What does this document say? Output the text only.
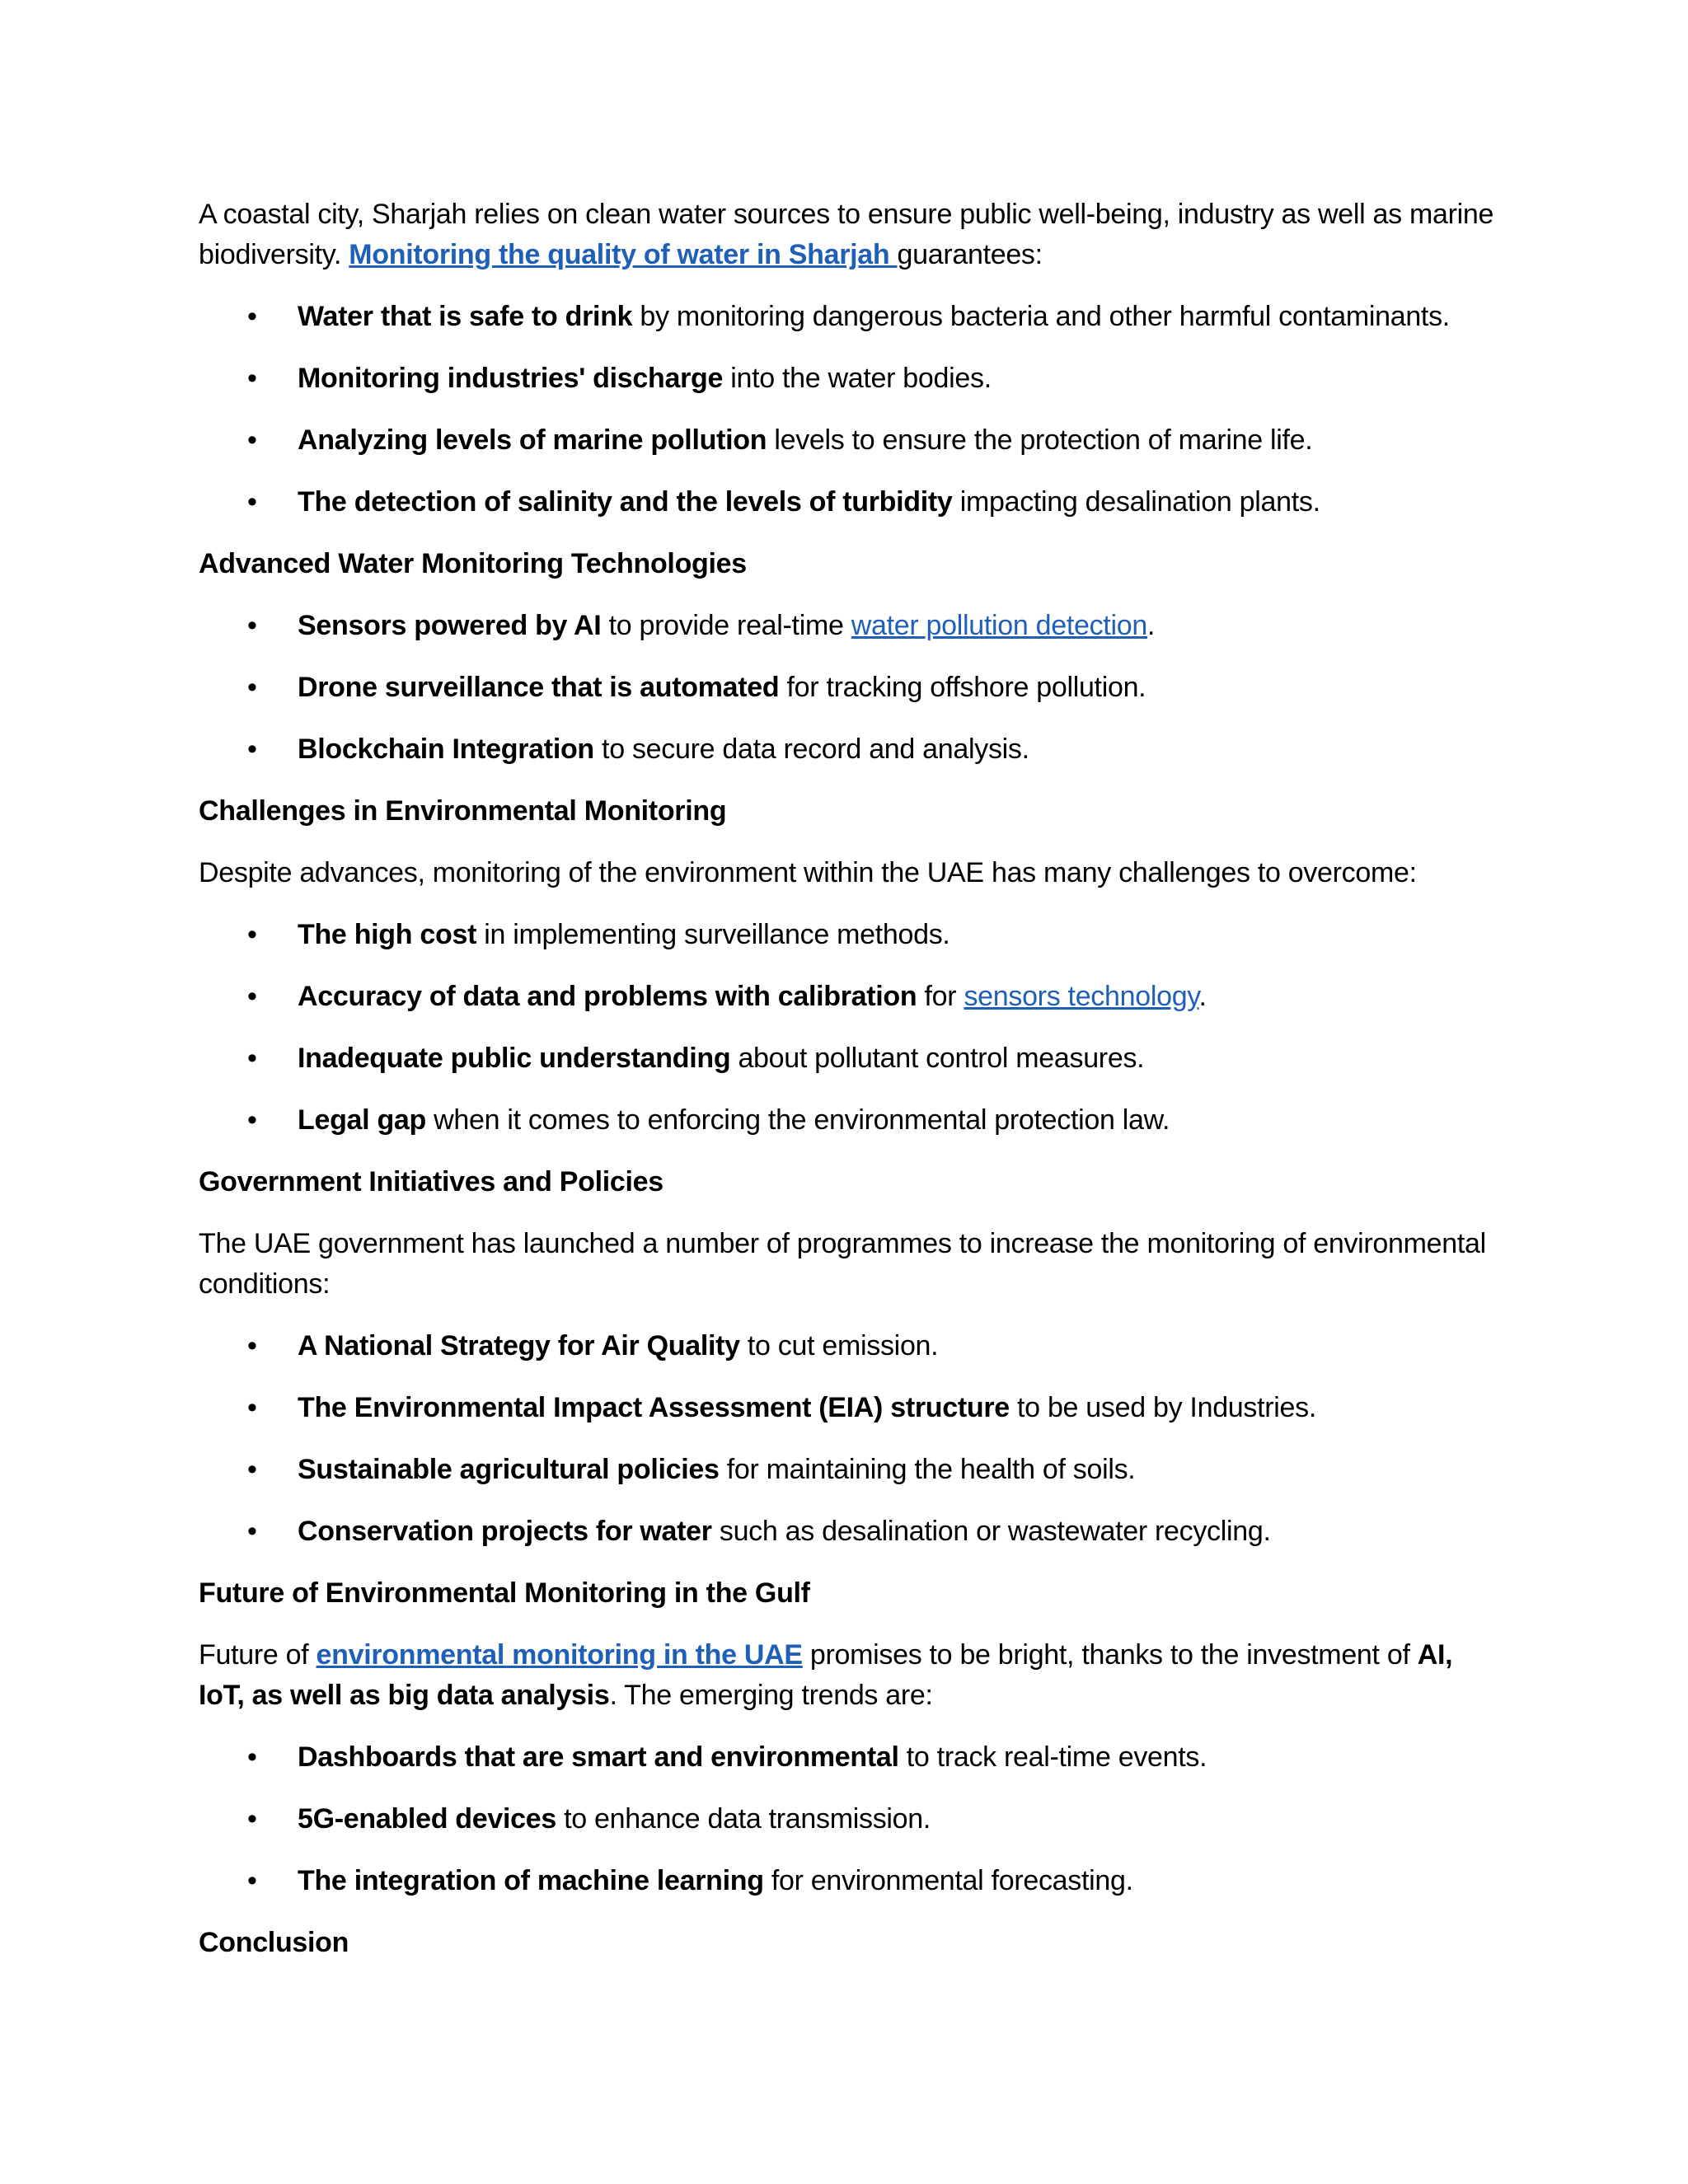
A coastal city, Sharjah relies on clean water sources to ensure public well-being, industry as well as marine biodiversity. Monitoring the quality of water in Sharjah guarantees:

• Water that is safe to drink by monitoring dangerous bacteria and other harmful contaminants.
• Monitoring industries' discharge into the water bodies.
• Analyzing levels of marine pollution levels to ensure the protection of marine life.
• The detection of salinity and the levels of turbidity impacting desalination plants.
Advanced Water Monitoring Technologies
• Sensors powered by AI to provide real-time water pollution detection.
• Drone surveillance that is automated for tracking offshore pollution.
• Blockchain Integration to secure data record and analysis.
Challenges in Environmental Monitoring

Despite advances, monitoring of the environment within the UAE has many challenges to overcome:

• The high cost in implementing surveillance methods.
• Accuracy of data and problems with calibration for sensors technology.
• Inadequate public understanding about pollutant control measures.
• Legal gap when it comes to enforcing the environmental protection law.
Government Initiatives and Policies

The UAE government has launched a number of programmes to increase the monitoring of environmental conditions:

• A National Strategy for Air Quality to cut emission.
• The Environmental Impact Assessment (EIA) structure to be used by Industries.
• Sustainable agricultural policies for maintaining the health of soils.
• Conservation projects for water such as desalination or wastewater recycling.
Future of Environmental Monitoring in the Gulf

Future of environmental monitoring in the UAE promises to be bright, thanks to the investment of AI, IoT, as well as big data analysis. The emerging trends are:

• Dashboards that are smart and environmental to track real-time events.
• 5G-enabled devices to enhance data transmission.
• The integration of machine learning for environmental forecasting.
Conclusion
